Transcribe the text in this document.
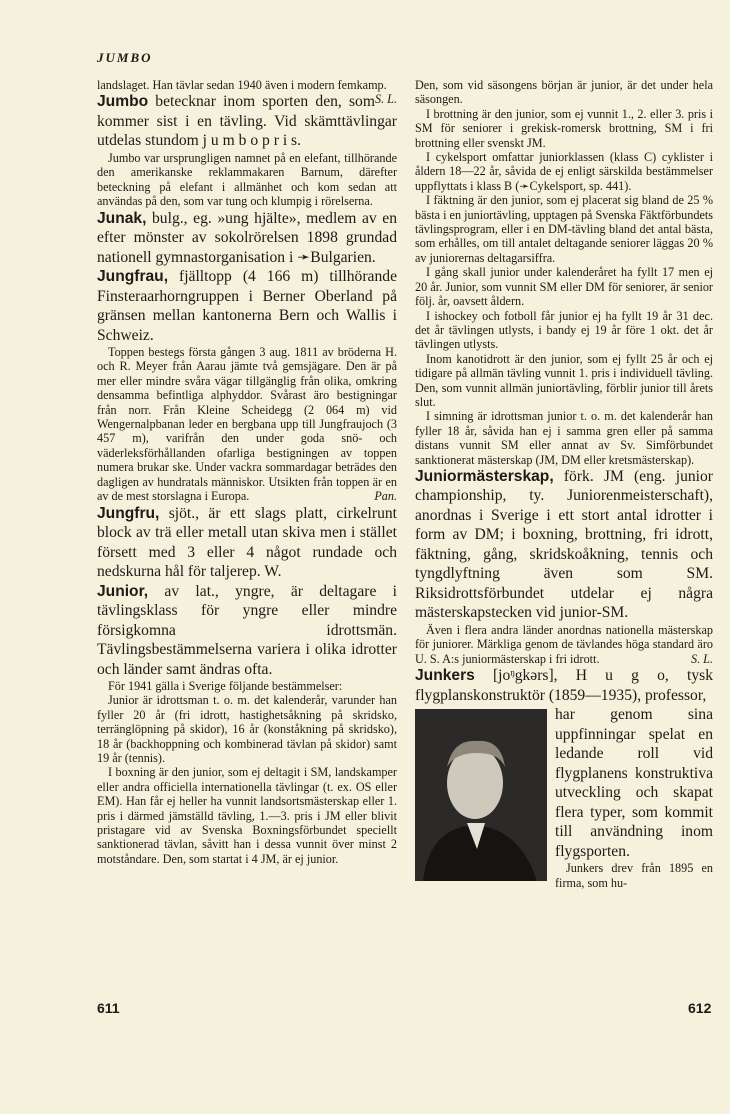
JUMBO

landslaget. Han tävlar sedan 1940 även i modern femkamp.
S. L.

Jumbo betecknar inom sporten den, som kommer sist i en tävling. Vid skämttävlingar utdelas stundom j u m b o p r i s.

Jumbo var ursprungligen namnet på en elefant, tillhörande den amerikanske reklammakaren Barnum, därefter beteckning på elefant i allmänhet och kom sedan att användas på den, som var tung och klumpig i rörelserna.

Junak, bulg., eg. »ung hjälte», medlem av en efter mönster av sokolrörelsen 1898 grundad nationell gymnastorganisation i ➛Bulgarien.

Jungfrau, fjälltopp (4 166 m) tillhörande Finsteraarhorngruppen i Berner Oberland på gränsen mellan kantonerna Bern och Wallis i Schweiz.

Toppen bestegs första gången 3 aug. 1811 av bröderna H. och R. Meyer från Aarau jämte två gemsjägare. Den är på mer eller mindre svåra vägar tillgänglig från olika, omkring densamma befintliga alphyddor. Svårast äro bestigningar från norr. Från Kleine Scheidegg (2 064 m) vid Wengernalpbanan leder en bergbana upp till Jungfraujoch (3 457 m), varifrån den under goda snö- och väderleksförhållanden ofarliga bestigningen av toppen numera brukar ske. Under vackra sommardagar beträdes den dagligen av hundratals människor. Utsikten från toppen är en av de mest storslagna i Europa.	Pan.

Jungfru, sjöt., är ett slags platt, cirkelrunt block av trä eller metall utan skiva men i stället försett med 3 eller 4 något rundade och nedskurna hål för taljerep. W.

Junior, av lat., yngre, är deltagare i tävlingsklass för yngre eller mindre försigkomna idrottsmän. Tävlingsbestämmelserna variera i olika idrotter och länder samt ändras ofta.

För 1941 gälla i Sverige följande bestämmelser:

Junior är idrottsman t. o. m. det kalenderår, varunder han fyller 20 år (fri idrott, hastighetsåkning på skridsko, terränglöpning på skidor), 16 år (konståkning på skridsko), 18 år (backhoppning och kombinerad tävlan på skidor) samt 19 år (tennis).

I boxning är den junior, som ej deltagit i SM, landskamper eller andra officiella internationella tävlingar (t. ex. OS eller EM). Han får ej heller ha vunnit landsortsmästerskap eller 1. pris i därmed jämställd tävling, 1.—3. pris i JM eller blivit pristagare vid av Svenska Boxningsförbundet speciellt sanktionerad tävlan, såvitt han i dessa vunnit över minst 2 motståndare. Den, som startat i 4 JM, är ej junior.

Den, som vid säsongens början är junior, är det under hela säsongen.

I brottning är den junior, som ej vunnit 1., 2. eller 3. pris i SM för seniorer i grekisk-romersk brottning, SM i fri brottning eller svenskt JM.

I cykelsport omfattar juniorklassen (klass C) cyklister i åldern 18—22 år, såvida de ej enligt särskilda bestämmelser uppflyttats i klass B (➛Cykelsport, sp. 441).

I fäktning är den junior, som ej placerat sig bland de 25 % bästa i en juniortävling, upptagen på Svenska Fäktförbundets tävlingsprogram, eller i en DM-tävling bland det antal bästa, som erhålles, om till antalet deltagande seniorer läggas 20 % av juniorernas deltagarsiffra.

I gång skall junior under kalenderåret ha fyllt 17 men ej 20 år. Junior, som vunnit SM eller DM för seniorer, är senior följ. år, oavsett åldern.

I ishockey och fotboll får junior ej ha fyllt 19 år 31 dec. det år tävlingen utlysts, i bandy ej 19 år före 1 okt. det år tävlingen utlysts.

Inom kanotidrott är den junior, som ej fyllt 25 år och ej tidigare på allmän tävling vunnit 1. pris i individuell tävling. Den, som vunnit allmän juniortävling, förblir junior till årets slut.

I simning är idrottsman junior t. o. m. det kalenderår han fyller 18 år, såvida han ej i samma gren eller på samma distans vunnit SM eller annat av Sv. Simförbundet sanktionerat mästerskap (JM, DM eller kretsmästerskap).

Juniormästerskap, förk. JM (eng. junior championship, ty. Juniorenmeisterschaft), anordnas i Sverige i ett stort antal idrotter i form av DM; i boxning, brottning, fri idrott, fäktning, gång, skridskoåkning, tennis och tyngdlyftning även som SM. Riksidrottsförbundet utdelar ej några mästerskapstecken vid junior-SM.

Även i flera andra länder anordnas nationella mästerskap för juniorer. Märkliga genom de tävlandes höga standard äro U. S. A:s juniormästerskap i fri idrott.	S. L.

Junkers [joᵑgkərs], H u g o, tysk flygplanskonstruktör (1859—1935), professor,

har genom sina uppfinningar spelat en ledande roll vid flygplanens konstruktiva utveckling och skapat flera typer, som kommit till användning inom flygsporten.

Junkers drev från 1895 en firma, som hu-

611	612
